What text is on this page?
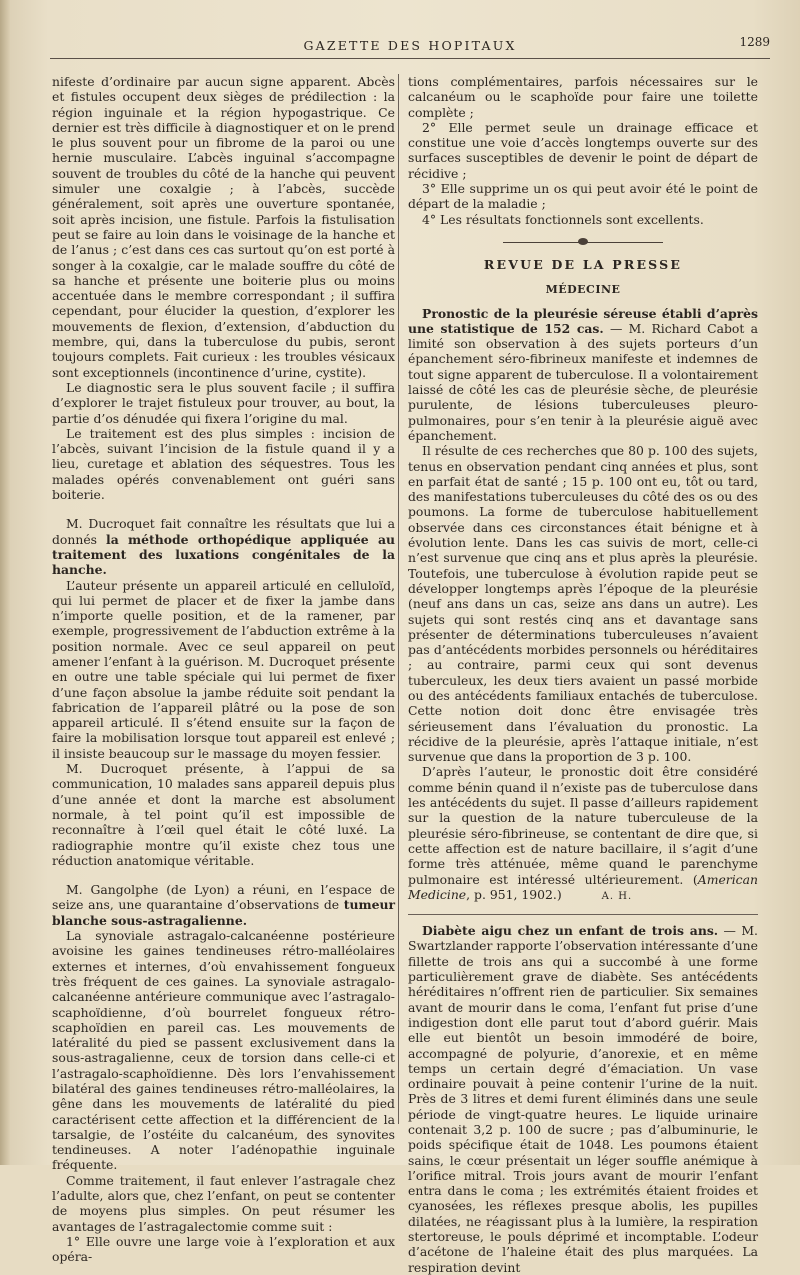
GAZETTE DES HOPITAUX	1289

nifeste d’ordinaire par aucun signe apparent. Abcès et fistules occupent deux sièges de prédilection : la région inguinale et la région hypogastrique. Ce dernier est très difficile à diagnostiquer et on le prend le plus souvent pour un fibrome de la paroi ou une hernie musculaire. L’abcès inguinal s’accompagne souvent de troubles du côté de la hanche qui peuvent simuler une coxalgie ; à l’abcès, succède généralement, soit après une ouverture spontanée, soit après incision, une fistule. Parfois la fistulisation peut se faire au loin dans le voisinage de la hanche et de l’anus ; c’est dans ces cas surtout qu’on est porté à songer à la coxalgie, car le malade souffre du côté de sa hanche et présente une boiterie plus ou moins accentuée dans le membre correspondant ; il suffira cependant, pour élucider la question, d’explorer les mouvements de flexion, d’extension, d’abduction du membre, qui, dans la tuberculose du pubis, seront toujours complets. Fait curieux : les troubles vésicaux sont exceptionnels (incontinence d’urine, cystite).

Le diagnostic sera le plus souvent facile ; il suffira d’explorer le trajet fistuleux pour trouver, au bout, la partie d’os dénudée qui fixera l’origine du mal.

Le traitement est des plus simples : incision de l’abcès, suivant l’incision de la fistule quand il y a lieu, curetage et ablation des séquestres. Tous les malades opérés convenablement ont guéri sans boiterie.

M. Ducroquet fait connaître les résultats que lui a donnés la méthode orthopédique appliquée au traitement des luxations congénitales de la hanche.

L’auteur présente un appareil articulé en celluloïd, qui lui permet de placer et de fixer la jambe dans n’importe quelle position, et de la ramener, par exemple, progressivement de l’abduction extrême à la position normale. Avec ce seul appareil on peut amener l’enfant à la guérison. M. Ducroquet présente en outre une table spéciale qui lui permet de fixer d’une façon absolue la jambe réduite soit pendant la fabrication de l’appareil plâtré ou la pose de son appareil articulé. Il s’étend ensuite sur la façon de faire la mobilisation lorsque tout appareil est enlevé ; il insiste beaucoup sur le massage du moyen fessier.

M. Ducroquet présente, à l’appui de sa communication, 10 malades sans appareil depuis plus d’une année et dont la marche est absolument normale, à tel point qu’il est impossible de reconnaître à l’œil quel était le côté luxé. La radiographie montre qu’il existe chez tous une réduction anatomique véritable.

M. Gangolphe (de Lyon) a réuni, en l’espace de seize ans, une quarantaine d’observations de tumeur blanche sous-astragalienne.

La synoviale astragalo-calcanéenne postérieure avoisine les gaines tendineuses rétro-malléolaires externes et internes, d’où envahissement fongueux très fréquent de ces gaines. La synoviale astragalo-calcanéenne antérieure communique avec l’astragalo-scaphoïdienne, d’où bourrelet fongueux rétro-scaphoïdien en pareil cas. Les mouvements de latéralité du pied se passent exclusivement dans la sous-astragalienne, ceux de torsion dans celle-ci et l’astragalo-scaphoïdienne. Dès lors l’envahissement bilatéral des gaines tendineuses rétro-malléolaires, la gêne dans les mouvements de latéralité du pied caractérisent cette affection et la différencient de la tarsalgie, de l’ostéite du calcanéum, des synovites tendineuses. A noter l’adénopathie inguinale fréquente.

Comme traitement, il faut enlever l’astragale chez l’adulte, alors que, chez l’enfant, on peut se contenter de moyens plus simples. On peut résumer les avantages de l’astragalectomie comme suit :

1° Elle ouvre une large voie à l’exploration et aux opéra-

tions complémentaires, parfois nécessaires sur le calcanéum ou le scaphoïde pour faire une toilette complète ;

2° Elle permet seule un drainage efficace et constitue une voie d’accès longtemps ouverte sur des surfaces susceptibles de devenir le point de départ de récidive ;

3° Elle supprime un os qui peut avoir été le point de départ de la maladie ;

4° Les résultats fonctionnels sont excellents.

REVUE DE LA PRESSE
MÉDECINE

Pronostic de la pleurésie séreuse établi d’après une statistique de 152 cas. — M. Richard Cabot a limité son observation à des sujets porteurs d’un épanchement séro-fibrineux manifeste et indemnes de tout signe apparent de tuberculose. Il a volontairement laissé de côté les cas de pleurésie sèche, de pleurésie purulente, de lésions tuberculeuses pleuro-pulmonaires, pour s’en tenir à la pleurésie aiguë avec épanchement.

Il résulte de ces recherches que 80 p. 100 des sujets, tenus en observation pendant cinq années et plus, sont en parfait état de santé ; 15 p. 100 ont eu, tôt ou tard, des manifestations tuberculeuses du côté des os ou des poumons. La forme de tuberculose habituellement observée dans ces circonstances était bénigne et à évolution lente. Dans les cas suivis de mort, celle-ci n’est survenue que cinq ans et plus après la pleurésie. Toutefois, une tuberculose à évolution rapide peut se développer longtemps après l’époque de la pleurésie (neuf ans dans un cas, seize ans dans un autre). Les sujets qui sont restés cinq ans et davantage sans présenter de déterminations tuberculeuses n’avaient pas d’antécédents morbides personnels ou héréditaires ; au contraire, parmi ceux qui sont devenus tuberculeux, les deux tiers avaient un passé morbide ou des antécédents familiaux entachés de tuberculose. Cette notion doit donc être envisagée très sérieusement dans l’évaluation du pronostic. La récidive de la pleurésie, après l’attaque initiale, n’est survenue que dans la proportion de 3 p. 100.

D’après l’auteur, le pronostic doit être considéré comme bénin quand il n’existe pas de tuberculose dans les antécédents du sujet. Il passe d’ailleurs rapidement sur la question de la nature tuberculeuse de la pleurésie séro-fibrineuse, se contentant de dire que, si cette affection est de nature bacillaire, il s’agit d’une forme très atténuée, même quand le parenchyme pulmonaire est intéressé ultérieurement. (American Medicine, p. 951, 1902.)	A. H.

Diabète aigu chez un enfant de trois ans. — M. Swartzlander rapporte l’observation intéressante d’une fillette de trois ans qui a succombé à une forme particulièrement grave de diabète. Ses antécédents héréditaires n’offrent rien de particulier. Six semaines avant de mourir dans le coma, l’enfant fut prise d’une indigestion dont elle parut tout d’abord guérir. Mais elle eut bientôt un besoin immodéré de boire, accompagné de polyurie, d’anorexie, et en même temps un certain degré d’émaciation. Un vase ordinaire pouvait à peine contenir l’urine de la nuit. Près de 3 litres et demi furent éliminés dans une seule période de vingt-quatre heures. Le liquide urinaire contenait 3,2 p. 100 de sucre ; pas d’albuminurie, le poids spécifique était de 1048. Les poumons étaient sains, le cœur présentait un léger souffle anémique à l’orifice mitral. Trois jours avant de mourir l’enfant entra dans le coma ; les extrémités étaient froides et cyanosées, les réflexes presque abolis, les pupilles dilatées, ne réagissant plus à la lumière, la respiration stertoreuse, le pouls déprimé et incomptable. L’odeur d’acétone de l’haleine était des plus marquées. La respiration devint
